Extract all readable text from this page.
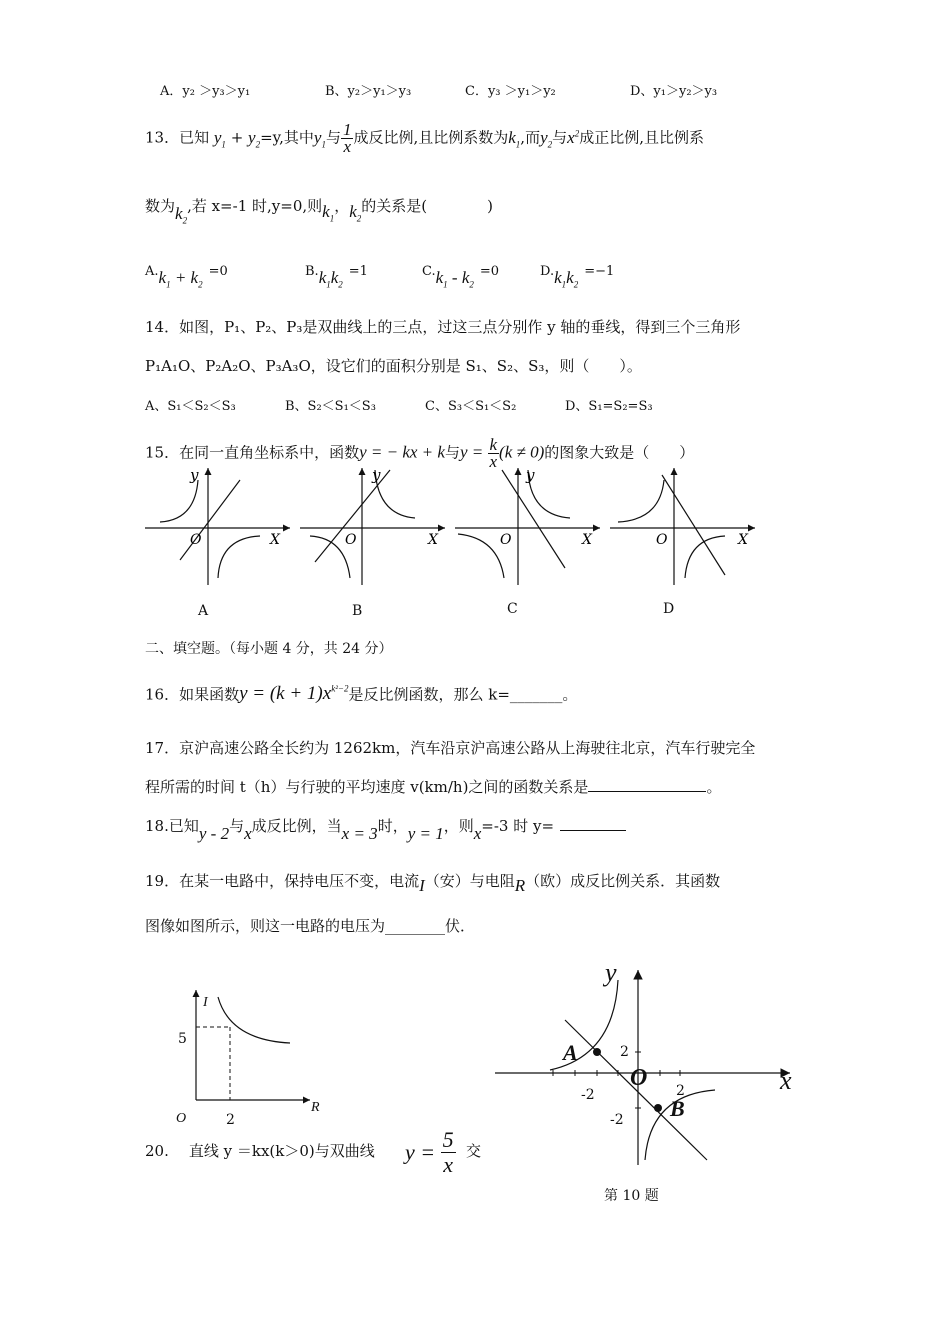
A．y₂ ＞y₃＞y₁	B、y₂＞y₁＞y₃	C．y₃ ＞y₁＞y₂	D、y₁＞y₂＞y₃
13．已知 $y_1 + y_2=y$,其中$y_1$与 $\frac{1}{x}$ 成反比例,且比例系数为$k_1$,而$y_2$与$x^2$成正比例,且比例系
数为$k_2$,若 x=-1 时,y=0,则$k_1$，$k_2$的关系是(	)
$A.k_1 + k_2=0$	$B.k_1k_2=1$	$C.k_1 - k_2=0$	$D.k_1k_2=-1$
14．如图，P₁、P₂、P₃是双曲线上的三点，过这三点分别作 y 轴的垂线，得到三个三角形
P₁A₁O、P₂A₂O、P₃A₃O，设它们的面积分别是 S₁、S₂、S₃，则（　　）。
A、S₁＜S₂＜S₃	B、S₂＜S₁＜S₃	C、S₃＜S₁＜S₂	D、S₁=S₂=S₃
15．在同一直角坐标系中，函数y = − kx + k与$y = \frac{k}{x} (k \ne 0)$的图象大致是（　　）
y
O	X
y
O	X
y
O	X	O	X
A	B	C	D
二、填空题。（每小题 4 分，共 24 分）
16．如果函数$y = (k + 1)x^{k^2-2}$是反比例函数，那么 k=_______。
17．京沪高速公路全长约为 1262km，汽车沿京沪高速公路从上海驶往北京，汽车行驶完全
程所需的时间 t（h）与行驶的平均速度 v(km/h)之间的函数关系是	。
18.已知y - 2与x成反比例，当x = 3时，y = 1，则x=-3 时 y=
19．在某一电路中，保持电压不变，电流I（安）与电阻R（欧）成反比例关系．其函数
图像如图所示，则这一电路的电压为________伏．
I
5
O	2
R
y
x
O
A
B
2
-2	2
-2
第 10 题
20. 直线 y ＝kx(k＞0)与双曲线 $y = \frac{5}{x}$ 交
